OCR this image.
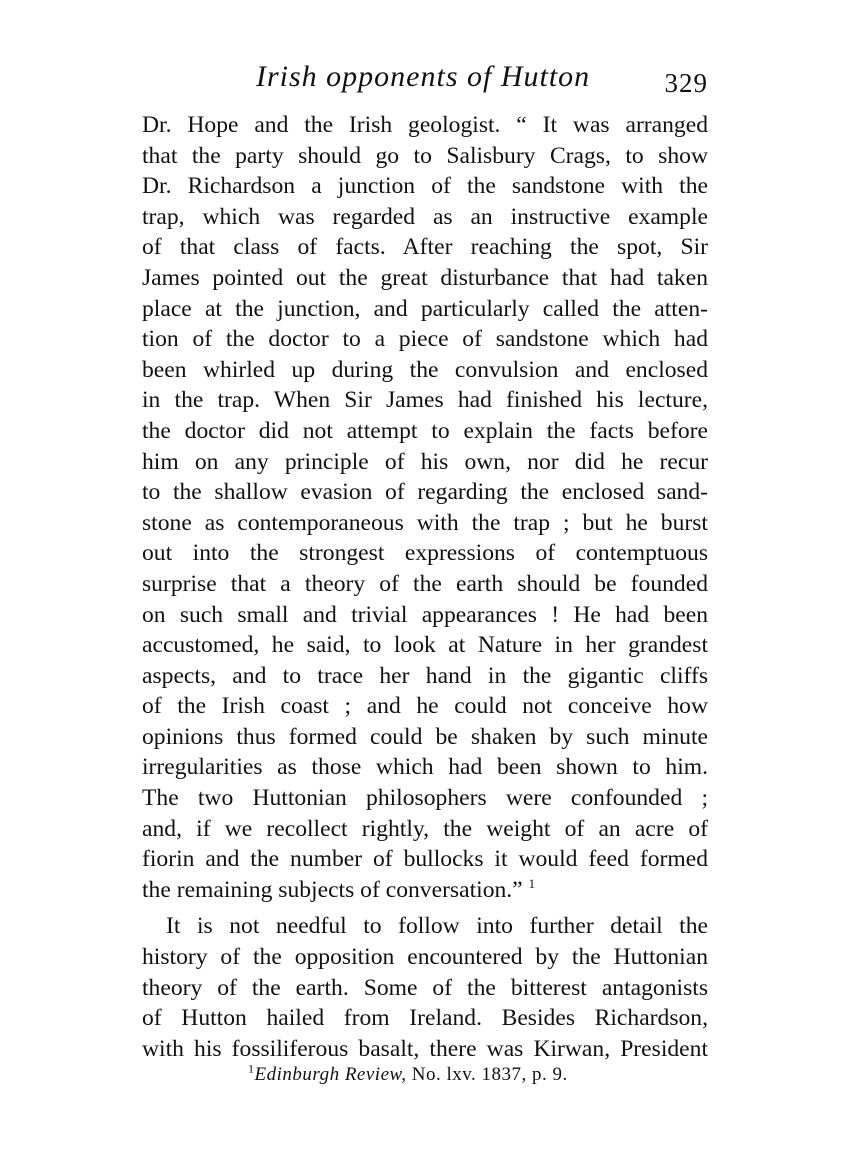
Irish opponents of Hutton	329
Dr. Hope and the Irish geologist. “ It was arranged
that the party should go to Salisbury Crags, to show
Dr. Richardson a junction of the sandstone with the
trap, which was regarded as an instructive example
of that class of facts. After reaching the spot, Sir
James pointed out the great disturbance that had taken
place at the junction, and particularly called the atten-
tion of the doctor to a piece of sandstone which had
been whirled up during the convulsion and enclosed
in the trap. When Sir James had finished his lecture,
the doctor did not attempt to explain the facts before
him on any principle of his own, nor did he recur
to the shallow evasion of regarding the enclosed sand-
stone as contemporaneous with the trap ; but he burst
out into the strongest expressions of contemptuous
surprise that a theory of the earth should be founded
on such small and trivial appearances ! He had been
accustomed, he said, to look at Nature in her grandest
aspects, and to trace her hand in the gigantic cliffs
of the Irish coast ; and he could not conceive how
opinions thus formed could be shaken by such minute
irregularities as those which had been shown to him.
The two Huttonian philosophers were confounded ;
and, if we recollect rightly, the weight of an acre of
fiorin and the number of bullocks it would feed formed
the remaining subjects of conversation.” $^1$
It is not needful to follow into further detail the
history of the opposition encountered by the Huttonian
theory of the earth. Some of the bitterest antagonists
of Hutton hailed from Ireland. Besides Richardson,
with his fossiliferous basalt, there was Kirwan, President
$^1$Edinburgh Review, No. lxv. 1837, p. 9.
